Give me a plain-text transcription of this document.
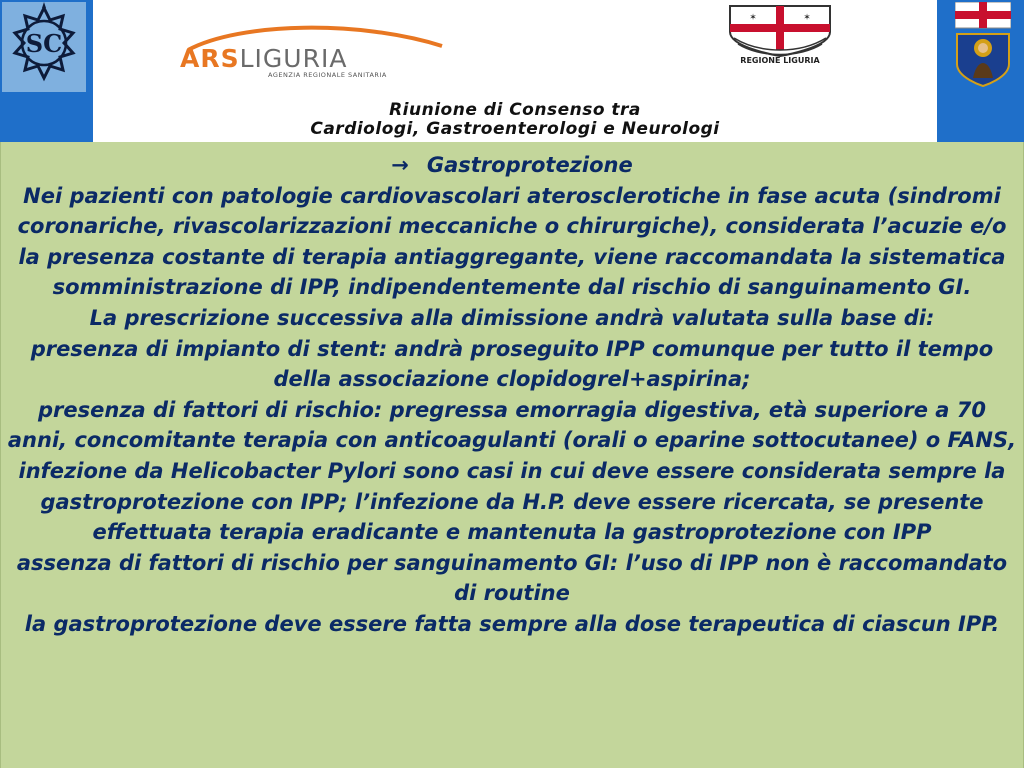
SC
ARSLIGURIA
AGENZIA REGIONALE SANITARIA
✶	✶
REGIONE LIGURIA
Riunione di Consenso tra
Cardiologi, Gastroenterologi e Neurologi

→ Gastroprotezione

Nei pazienti con patologie cardiovascolari aterosclerotiche in fase acuta (sindromi coronariche, rivascolarizzazioni meccaniche o chirurgiche), considerata l’acuzie e/o la presenza costante di terapia antiaggregante, viene raccomandata la sistematica somministrazione di IPP, indipendentemente dal rischio di sanguinamento GI.

La prescrizione successiva alla dimissione andrà valutata sulla base di:

presenza di impianto di stent: andrà proseguito IPP comunque per tutto il tempo della associazione clopidogrel+aspirina;

presenza di fattori di rischio: pregressa emorragia digestiva, età superiore a 70 anni, concomitante terapia con anticoagulanti (orali o eparine sottocutanee) o FANS, infezione da Helicobacter Pylori sono casi in cui deve essere considerata sempre la gastroprotezione con IPP; l’infezione da H.P. deve essere ricercata, se presente effettuata terapia eradicante e mantenuta la gastroprotezione con IPP

assenza di fattori di rischio per sanguinamento GI: l’uso di IPP non è raccomandato di routine

la gastroprotezione deve essere fatta sempre alla dose terapeutica di ciascun IPP.
